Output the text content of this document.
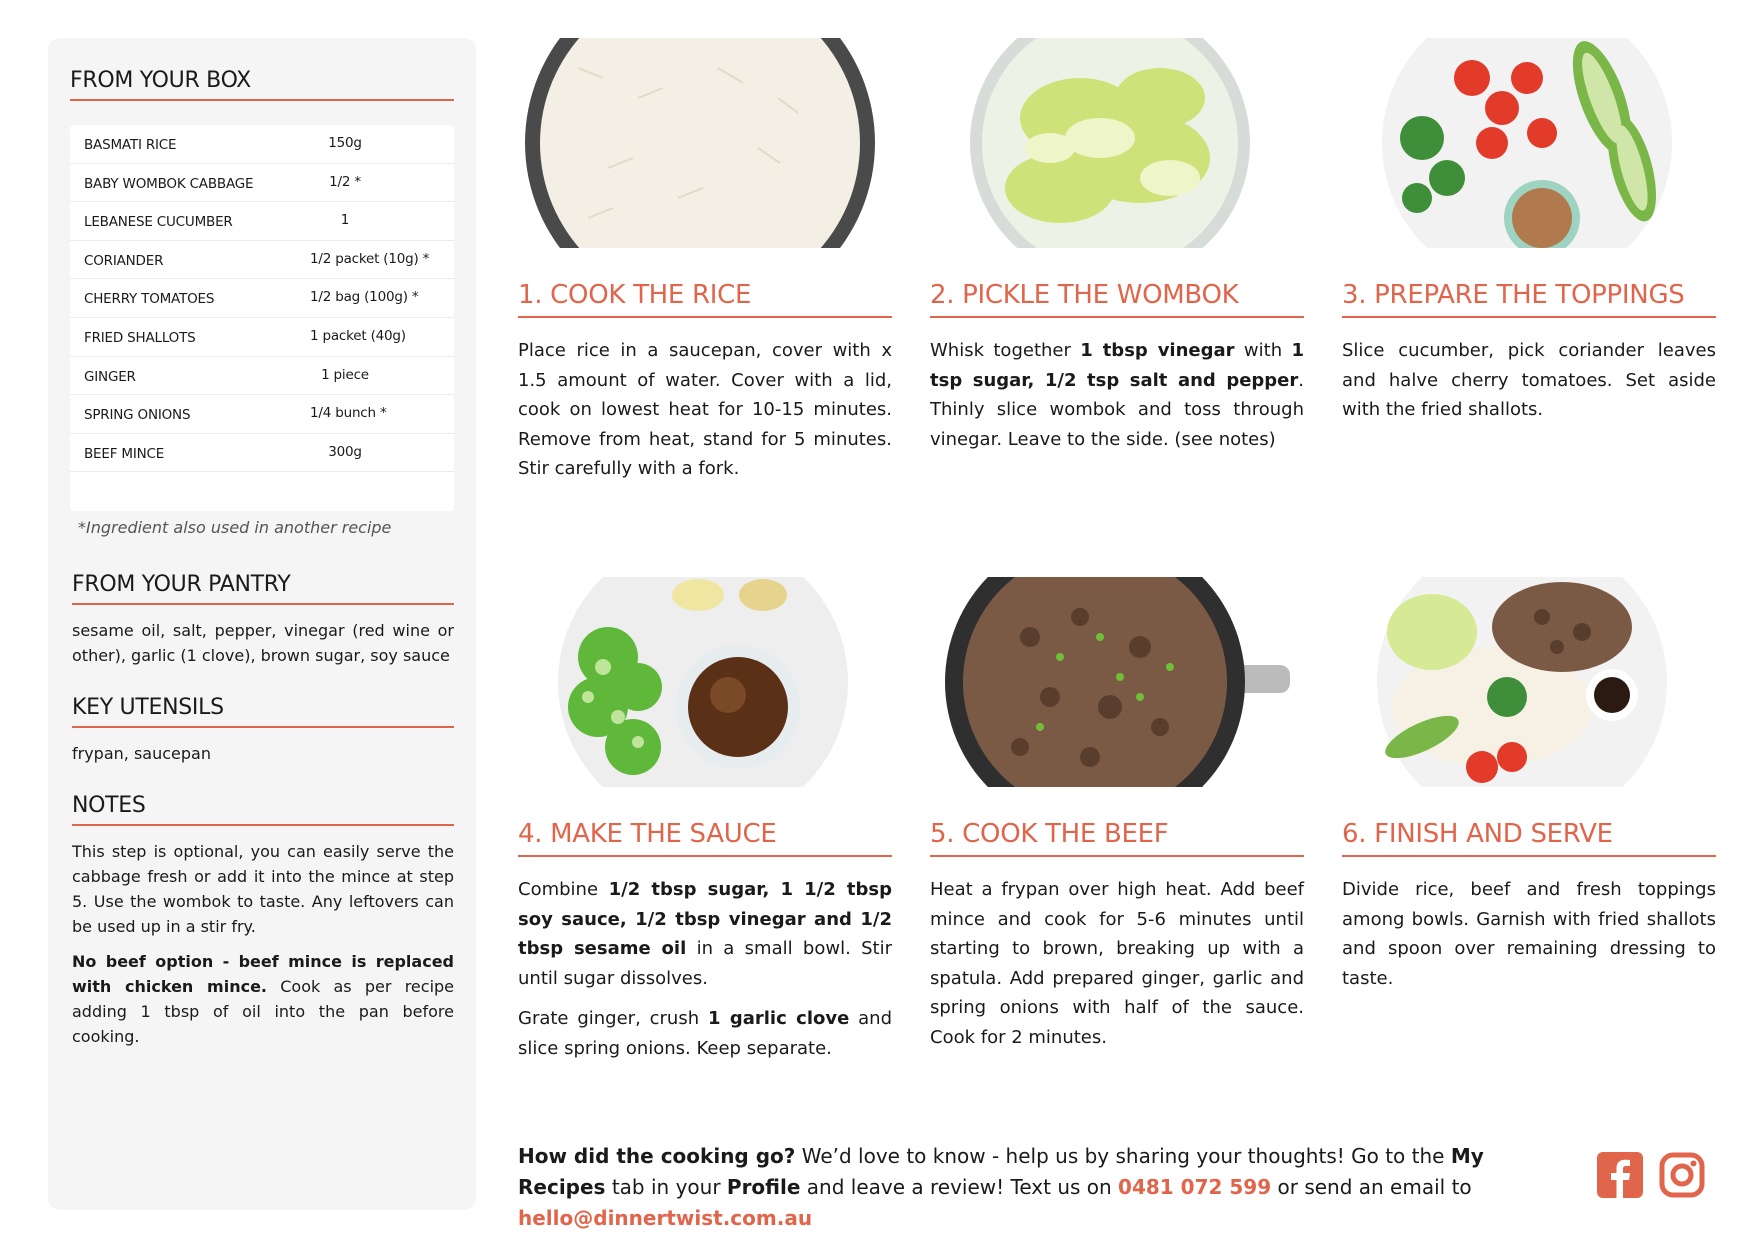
FROM YOUR BOX
BASMATI RICE	150g
BABY WOMBOK CABBAGE	1/2 *
LEBANESE CUCUMBER	1
CORIANDER	1/2 packet (10g) *
CHERRY TOMATOES	1/2 bag (100g) *
FRIED SHALLOTS	1 packet (40g)
GINGER	1 piece
SPRING ONIONS	1/4 bunch *
BEEF MINCE	300g
*Ingredient also used in another recipe
FROM YOUR PANTRY
sesame oil, salt, pepper, vinegar (red wine or other), garlic (1 clove), brown sugar, soy sauce
KEY UTENSILS
frypan, saucepan
NOTES
This step is optional, you can easily serve the cabbage fresh or add it into the mince at step 5. Use the wombok to taste. Any leftovers can be used up in a stir fry.
No beef option - beef mince is replaced with chicken mince. Cook as per recipe adding 1 tbsp of oil into the pan before cooking.
1. COOK THE RICE
Place rice in a saucepan, cover with x 1.5 amount of water. Cover with a lid, cook on lowest heat for 10-15 minutes. Remove from heat, stand for 5 minutes. Stir carefully with a fork.
2. PICKLE THE WOMBOK
Whisk together 1 tbsp vinegar with 1 tsp sugar, 1/2 tsp salt and pepper. Thinly slice wombok and toss through vinegar. Leave to the side. (see notes)
3. PREPARE THE TOPPINGS
Slice cucumber, pick coriander leaves and halve cherry tomatoes. Set aside with the fried shallots.
4. MAKE THE SAUCE
Combine 1/2 tbsp sugar, 1 1/2 tbsp soy sauce, 1/2 tbsp vinegar and 1/2 tbsp sesame oil in a small bowl. Stir until sugar dissolves.
Grate ginger, crush 1 garlic clove and slice spring onions. Keep separate.
5. COOK THE BEEF
Heat a frypan over high heat. Add beef mince and cook for 5-6 minutes until starting to brown, breaking up with a spatula. Add prepared ginger, garlic and spring onions with half of the sauce. Cook for 2 minutes.
6. FINISH AND SERVE
Divide rice, beef and fresh toppings among bowls. Garnish with fried shallots and spoon over remaining dressing to taste.
How did the cooking go? We’d love to know - help us by sharing your thoughts! Go to the My Recipes tab in your Profile and leave a review! Text us on 0481 072 599 or send an email to hello@dinnertwist.com.au
